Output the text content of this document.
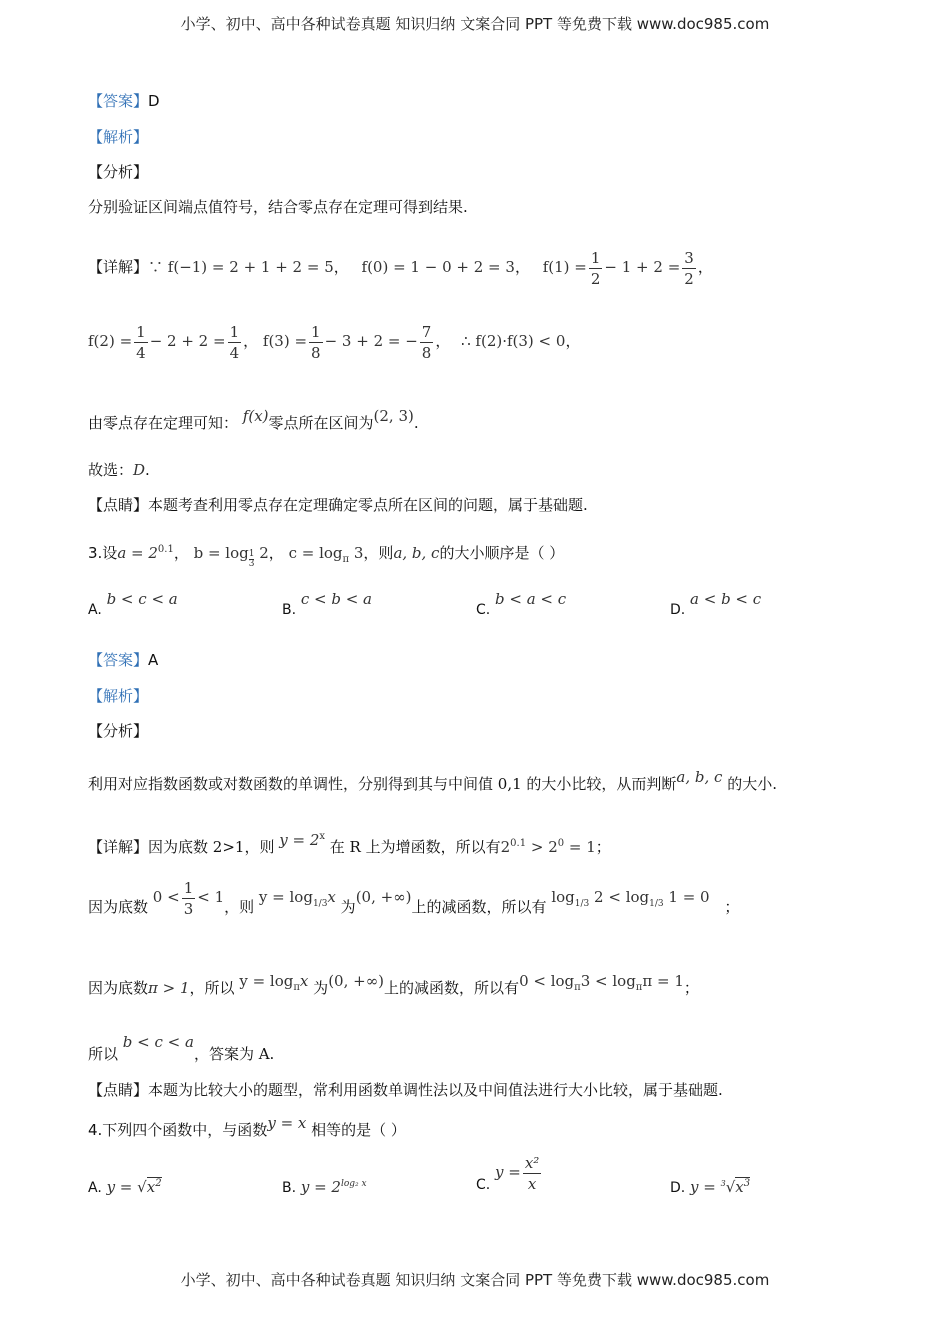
小学、初中、高中各种试卷真题 知识归纳 文案合同 PPT 等免费下载 www.doc985.com
小学、初中、高中各种试卷真题 知识归纳 文案合同 PPT 等免费下载 www.doc985.com
【答案】D
【解析】
【分析】
分别验证区间端点值符号，结合零点存在定理可得到结果.
【详解】∵ f(−1) = 2 + 1 + 2 = 5， f(0) = 1 − 0 + 2 = 3， $f(1) = \frac{1}{2} - 1 + 2 = \frac{3}{2}$ ，
$f(2) = \frac{1}{4} - 2 + 2 = \frac{1}{4}$ ， $f(3) = \frac{1}{8} - 3 + 2$ = − $\frac{7}{8}$ ， ∴ f(2)·f(3) < 0，
由零点存在定理可知： f(x)零点所在区间为(2, 3).
故选：D.
【点睛】本题考查利用零点存在定理确定零点所在区间的问题，属于基础题.
3.设$a = 2^{0.1}$， b = log $_{\frac{1}{3}}$ 2， $c = \log_\pi 3$，则a, b, c的大小顺序是（ ）
A. b < c < a
B. c < b < a
C. b < a < c
D. a < b < c
【答案】A
【解析】
【分析】
利用对应指数函数或对数函数的单调性，分别得到其与中间值 0,1 的大小比较，从而判断a, b, c 的大小.
【详解】因为底数 2>1，则 $y = 2^x$ 在 R 上为增函数，所以有$2^{0.1} > 2^0 = 1$；
因为底数 $0 < \frac{1}{3} < 1$，则 $y = \log_{1/3}x$ 为(0, +∞)上的减函数，所以有 $\log_{1/3} 2 < \log_{1/3} 1 = 0$ ；
因为底数π > 1，所以 $y = \log_\pi x$ 为(0, +∞)上的减函数，所以有$0 < \log_\pi 3 < \log_\pi\pi = 1$；
所以 b < c < a，答案为 A.
【点睛】本题为比较大小的题型，常利用函数单调性法以及中间值法进行大小比较，属于基础题.
4.下列四个函数中，与函数y = x 相等的是（ ）
A. $y = √x^2$	B. $y = 2^{log_2 x}$	C. $y = \frac{\text{x²}}{x}$	D. $y = ^3√x^3$
